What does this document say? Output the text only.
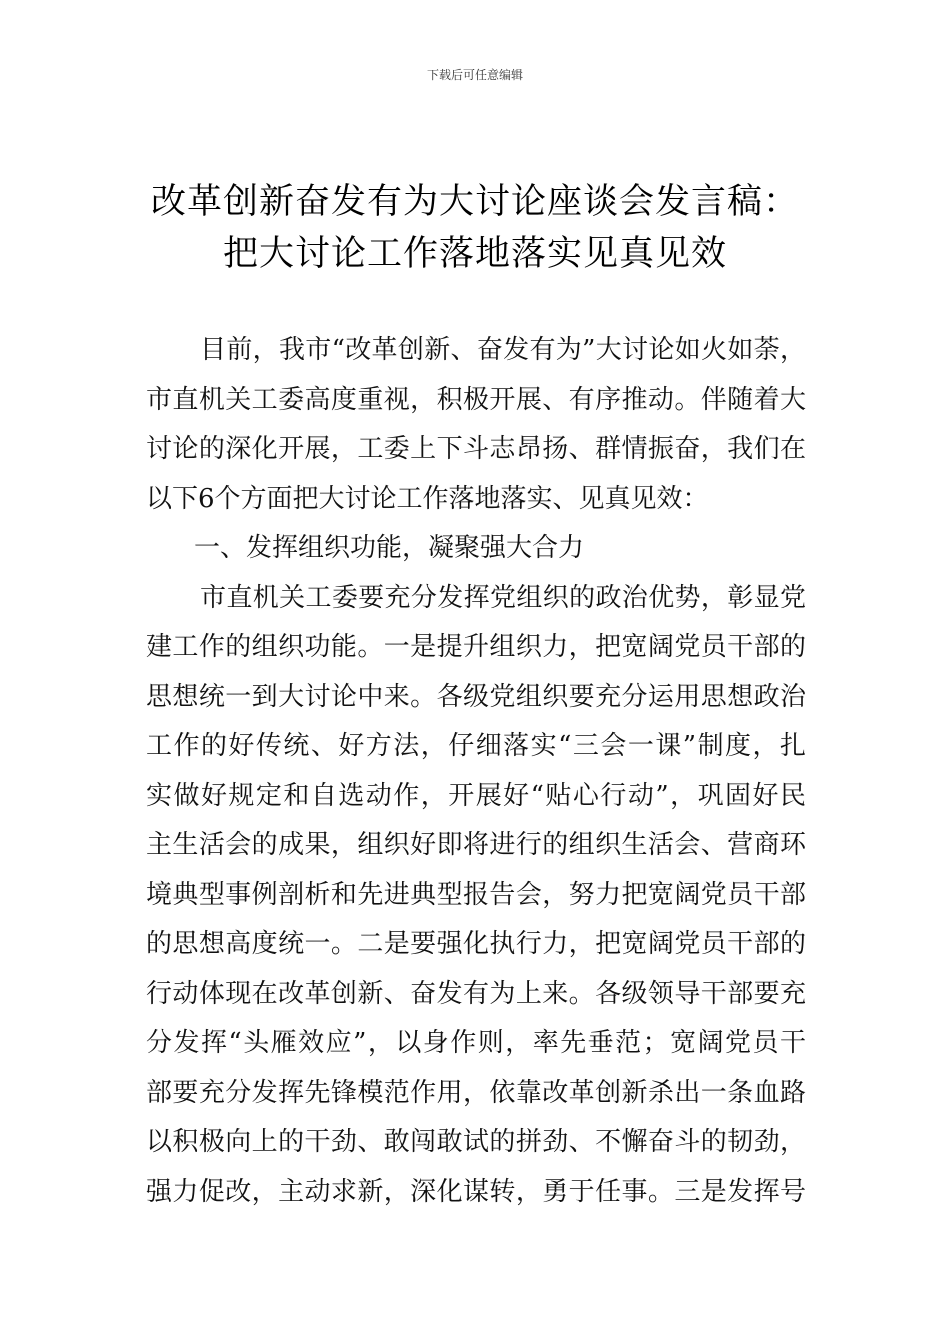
下载后可任意编辑
改革创新奋发有为大讨论座谈会发言稿：
把大讨论工作落地落实见真见效
目前，我市“改革创新、奋发有为”大讨论如火如荼，
市直机关工委高度重视，积极开展、有序推动。伴随着大
讨论的深化开展，工委上下斗志昂扬、群情振奋，我们在
以下6个方面把大讨论工作落地落实、见真见效：
一、发挥组织功能，凝聚强大合力
市直机关工委要充分发挥党组织的政治优势，彰显党
建工作的组织功能。一是提升组织力，把宽阔党员干部的
思想统一到大讨论中来。各级党组织要充分运用思想政治
工作的好传统、好方法，仔细落实“三会一课”制度，扎
实做好规定和自选动作，开展好“贴心行动”，巩固好民
主生活会的成果，组织好即将进行的组织生活会、营商环
境典型事例剖析和先进典型报告会，努力把宽阔党员干部
的思想高度统一。二是要强化执行力，把宽阔党员干部的
行动体现在改革创新、奋发有为上来。各级领导干部要充
分发挥“头雁效应”，以身作则，率先垂范；宽阔党员干
部要充分发挥先锋模范作用，依靠改革创新杀出一条血路
以积极向上的干劲、敢闯敢试的拼劲、不懈奋斗的韧劲，
强力促改，主动求新，深化谋转，勇于任事。三是发挥号
